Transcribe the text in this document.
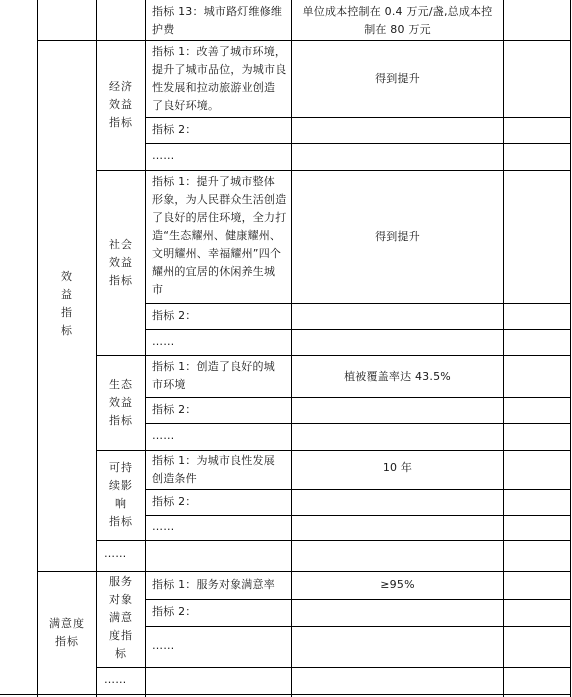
指标 13：城市路灯维修维
护费
单位成本控制在 0.4 万元/盏,总成本控
制在 80 万元
效
益
指
标
经济
效益
指标
指标 1：改善了城市环境，
提升了城市品位，为城市良
性发展和拉动旅游业创造
了良好环境。
得到提升
指标 2：
……
社会
效益
指标
指标 1：提升了城市整体
形象，为人民群众生活创造
了良好的居住环境，全力打
造“生态耀州、健康耀州、
文明耀州、幸福耀州”四个
耀州的宜居的休闲养生城
市
得到提升
指标 2：
……
生态
效益
指标
指标 1：创造了良好的城
市环境
植被覆盖率达 43.5%
指标 2：
……
可持
续影
响
指标
指标 1：为城市良性发展
创造条件
10 年
指标 2：
……
……
满意度
指标
服务
对象
满意
度指
标
指标 1：服务对象满意率	≥95%
指标 2：
……
……
